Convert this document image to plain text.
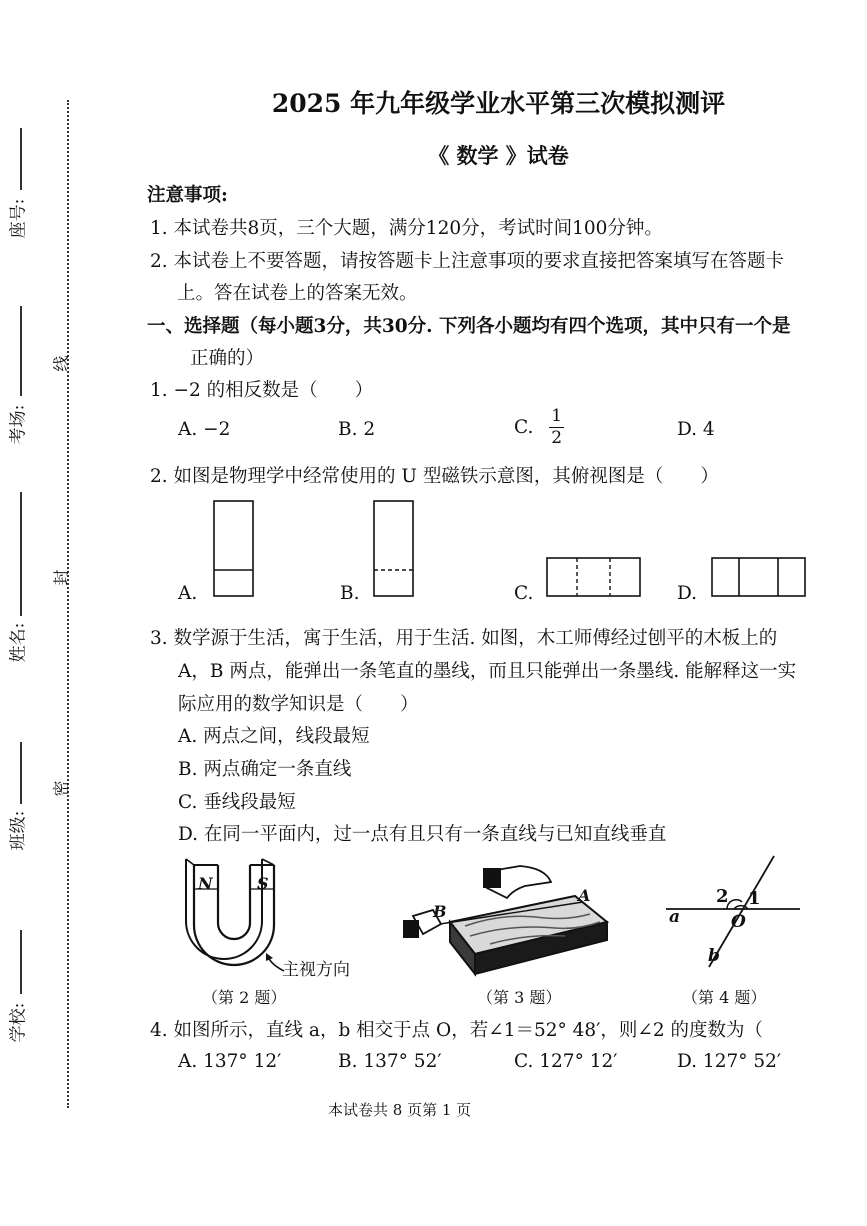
座号:
考场:
姓名:
班级:
学校:
线
封
密
2025 年九年级学业水平第三次模拟测评
《 数学 》试卷
注意事项:
1. 本试卷共8页，三个大题，满分120分，考试时间100分钟。
2. 本试卷上不要答题，请按答题卡上注意事项的要求直接把答案填写在答题卡
上。答在试卷上的答案无效。
一、选择题（每小题3分，共30分. 下列各小题均有四个选项，其中只有一个是
正确的）
1. −2 的相反数是（　　）
A. −2	B. 2	C. $\frac{1}{2}$	D. 4
2. 如图是物理学中经常使用的 U 型磁铁示意图，其俯视图是（　　）
A.	B.	C.	D.
3. 数学源于生活，寓于生活，用于生活. 如图，木工师傅经过刨平的木板上的
A，B 两点，能弹出一条笔直的墨线，而且只能弹出一条墨线. 能解释这一实
际应用的数学知识是（　　）
A. 两点之间，线段最短
B. 两点确定一条直线
C. 垂线段最短
D. 在同一平面内，过一点有且只有一条直线与已知直线垂直
N	S
主视方向
A
B
2 1
O
a
b
（第 2 题）	（第 3 题）	（第 4 题）
4. 如图所示，直线 a，b 相交于点 O，若∠1＝52° 48′，则∠2 的度数为（
A. 137° 12′	B. 137° 52′	C. 127° 12′	D. 127° 52′
本试卷共 8 页第 1 页
